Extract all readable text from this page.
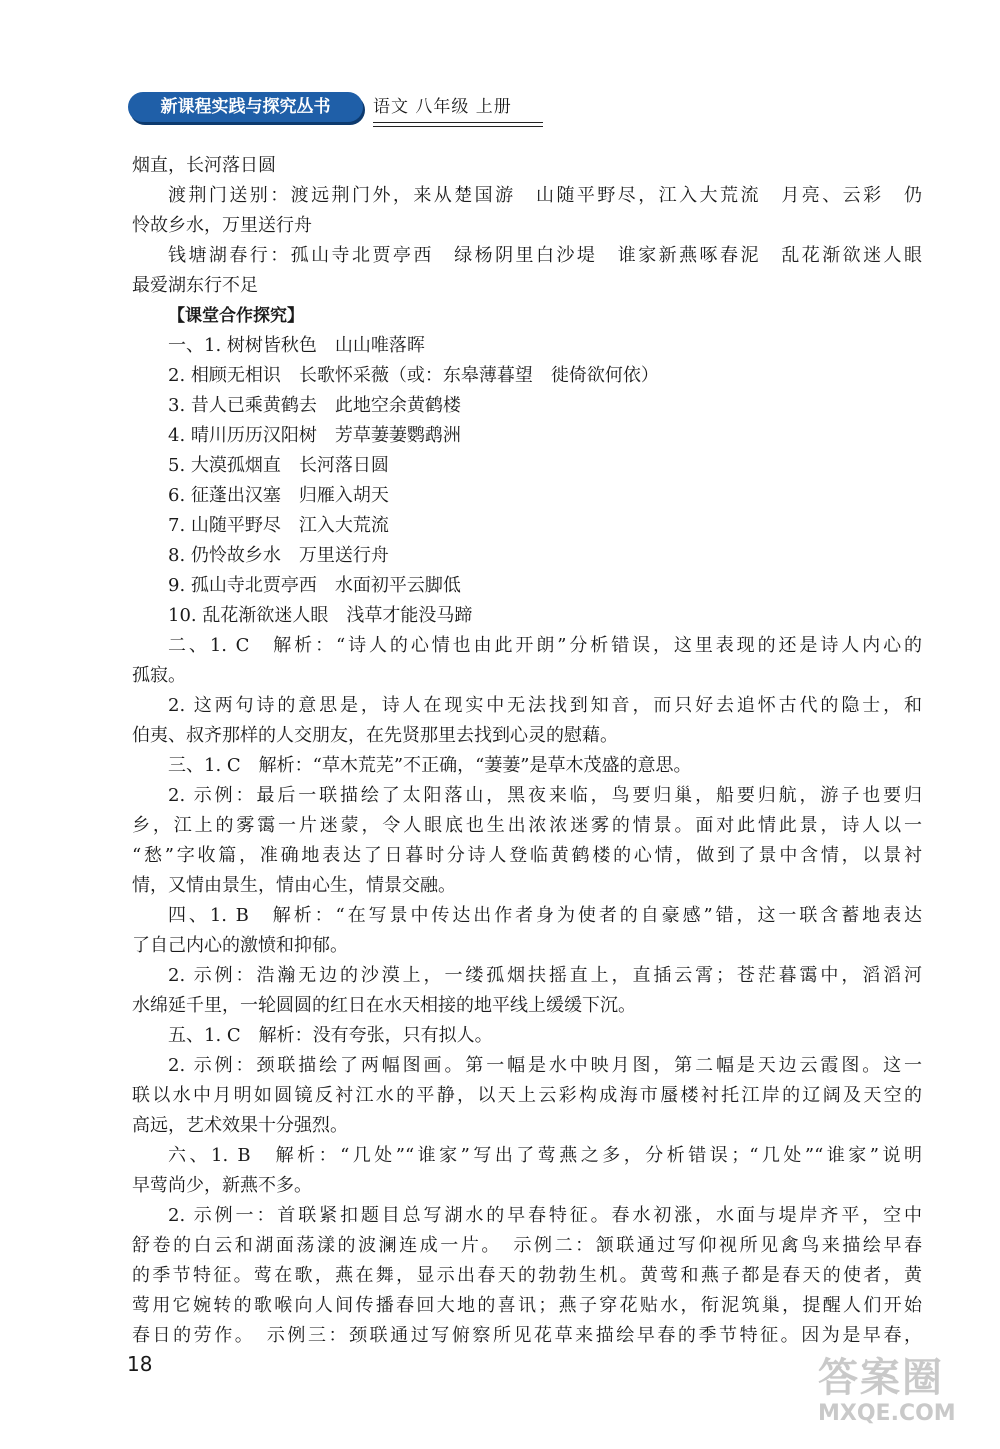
新课程实践与探究丛书	语文 八年级 上册
烟直，长河落日圆
渡荆门送别：渡远荆门外，来从楚国游　山随平野尽，江入大荒流　月亮、云彩　仍
怜故乡水，万里送行舟
钱塘湖春行：孤山寺北贾亭西　绿杨阴里白沙堤　谁家新燕啄春泥　乱花渐欲迷人眼
最爱湖东行不足
【课堂合作探究】
一、1. 树树皆秋色　山山唯落晖
2. 相顾无相识　长歌怀采薇（或：东皋薄暮望　徙倚欲何依）
3. 昔人已乘黄鹤去　此地空余黄鹤楼
4. 晴川历历汉阳树　芳草萋萋鹦鹉洲
5. 大漠孤烟直　长河落日圆
6. 征蓬出汉塞　归雁入胡天
7. 山随平野尽　江入大荒流
8. 仍怜故乡水　万里送行舟
9. 孤山寺北贾亭西　水面初平云脚低
10. 乱花渐欲迷人眼　浅草才能没马蹄
二、1. C　解析：“诗人的心情也由此开朗”分析错误，这里表现的还是诗人内心的
孤寂。
2. 这两句诗的意思是，诗人在现实中无法找到知音，而只好去追怀古代的隐士，和
伯夷、叔齐那样的人交朋友，在先贤那里去找到心灵的慰藉。
三、1. C　解析：“草木荒芜”不正确，“萋萋”是草木茂盛的意思。
2. 示例：最后一联描绘了太阳落山，黑夜来临，鸟要归巢，船要归航，游子也要归
乡，江上的雾霭一片迷蒙，令人眼底也生出浓浓迷雾的情景。面对此情此景，诗人以一
“愁”字收篇，准确地表达了日暮时分诗人登临黄鹤楼的心情，做到了景中含情，以景衬
情，又情由景生，情由心生，情景交融。
四、1. B　解析：“在写景中传达出作者身为使者的自豪感”错，这一联含蓄地表达
了自己内心的激愤和抑郁。
2. 示例：浩瀚无边的沙漠上，一缕孤烟扶摇直上，直插云霄；苍茫暮霭中，滔滔河
水绵延千里，一轮圆圆的红日在水天相接的地平线上缓缓下沉。
五、1. C　解析：没有夸张，只有拟人。
2. 示例：颈联描绘了两幅图画。第一幅是水中映月图，第二幅是天边云霞图。这一
联以水中月明如圆镜反衬江水的平静，以天上云彩构成海市蜃楼衬托江岸的辽阔及天空的
高远，艺术效果十分强烈。
六、1. B　解析：“几处”“谁家”写出了莺燕之多，分析错误；“几处”“谁家”说明
早莺尚少，新燕不多。
2. 示例一：首联紧扣题目总写湖水的早春特征。春水初涨，水面与堤岸齐平，空中
舒卷的白云和湖面荡漾的波澜连成一片。　示例二：颔联通过写仰视所见禽鸟来描绘早春
的季节特征。莺在歌，燕在舞，显示出春天的勃勃生机。黄莺和燕子都是春天的使者，黄
莺用它婉转的歌喉向人间传播春回大地的喜讯；燕子穿花贴水，衔泥筑巢，提醒人们开始
春日的劳作。　示例三：颈联通过写俯察所见花草来描绘早春的季节特征。因为是早春，
18	答案圈
MXQE.COM
